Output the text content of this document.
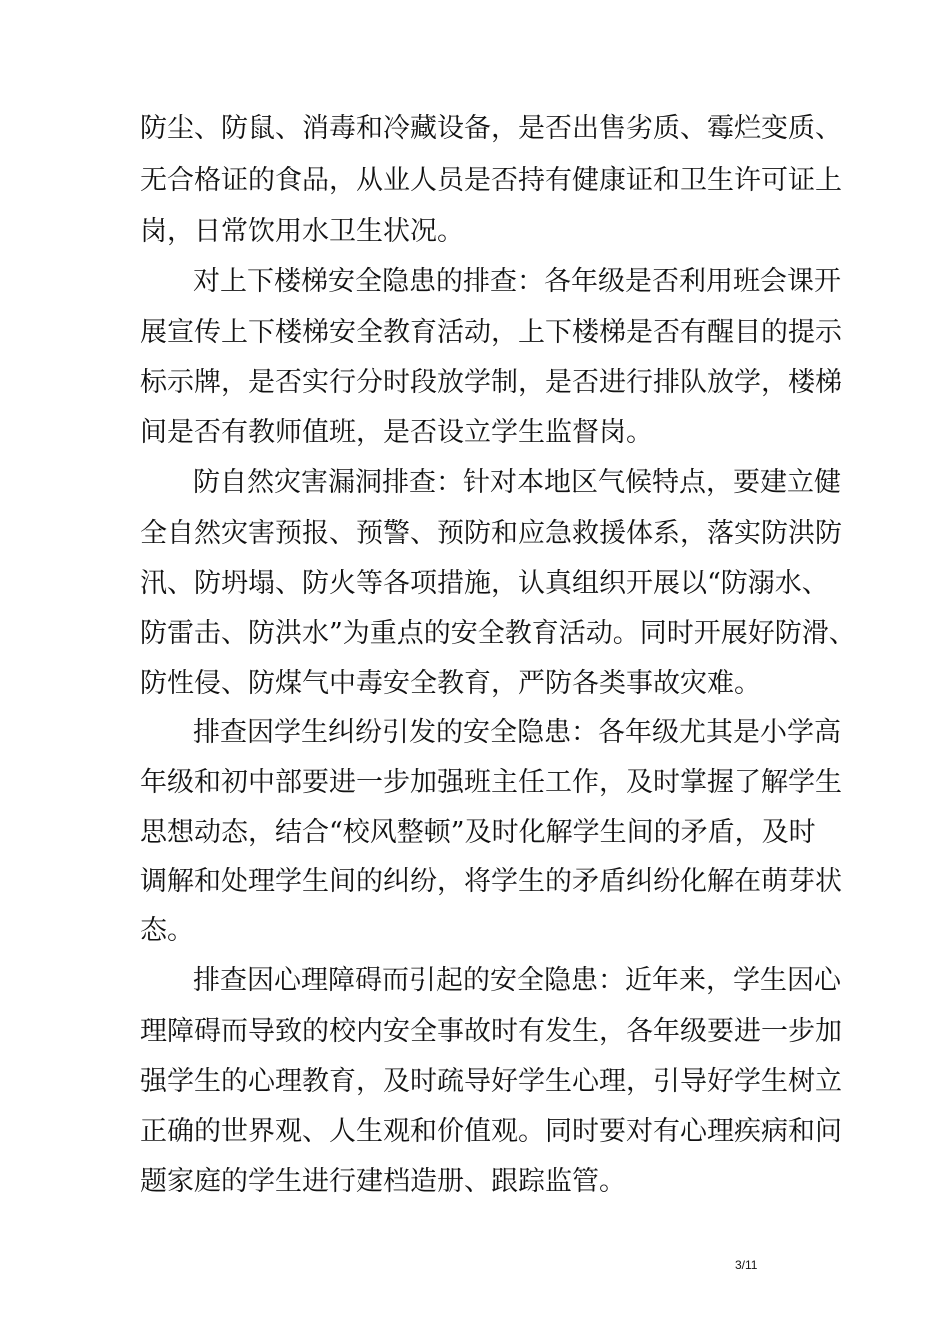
防尘、防鼠、消毒和冷藏设备，是否出售劣质、霉烂变质、
无合格证的食品，从业人员是否持有健康证和卫生许可证上
岗，日常饮用水卫生状况。
对上下楼梯安全隐患的排查：各年级是否利用班会课开
展宣传上下楼梯安全教育活动，上下楼梯是否有醒目的提示
标示牌，是否实行分时段放学制，是否进行排队放学，楼梯
间是否有教师值班，是否设立学生监督岗。
防自然灾害漏洞排查：针对本地区气候特点，要建立健
全自然灾害预报、预警、预防和应急救援体系，落实防洪防
汛、防坍塌、防火等各项措施，认真组织开展以“防溺水、
防雷击、防洪水”为重点的安全教育活动。同时开展好防滑、
防性侵、防煤气中毒安全教育，严防各类事故灾难。
排查因学生纠纷引发的安全隐患：各年级尤其是小学高
年级和初中部要进一步加强班主任工作，及时掌握了解学生
思想动态，结合“校风整顿”及时化解学生间的矛盾，及时
调解和处理学生间的纠纷，将学生的矛盾纠纷化解在萌芽状
态。
排查因心理障碍而引起的安全隐患：近年来，学生因心
理障碍而导致的校内安全事故时有发生，各年级要进一步加
强学生的心理教育，及时疏导好学生心理，引导好学生树立
正确的世界观、人生观和价值观。同时要对有心理疾病和问
题家庭的学生进行建档造册、跟踪监管。
3/11
